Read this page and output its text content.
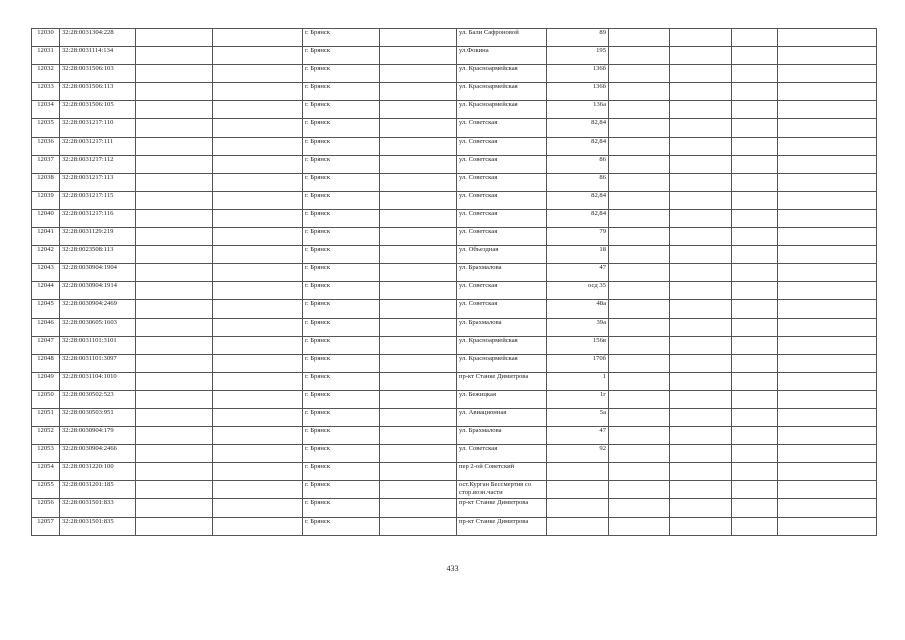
12030	32:28:0031304:228			г. Брянск		ул. Бали Сафроновой	89				
12031	32:28:0031114:134			г. Брянск		ул.Фокина	195				
12032	32:28:0031506:103			г. Брянск		ул. Красноармейская	136б				
12033	32:28:0031506:113			г. Брянск		ул. Красноармейская	136б				
12034	32:28:0031506:105			г. Брянск		ул. Красноармейская	136а				
12035	32:28:0031217:110			г. Брянск		ул. Советская	82,84				
12036	32:28:0031217:111			г. Брянск		ул. Советская	82,84				
12037	32:28:0031217:112			г. Брянск		ул. Советская	86				
12038	32:28:0031217:113			г. Брянск		ул. Советская	86				
12039	32:28:0031217:115			г. Брянск		ул. Советская	82,84				
12040	32:28:0031217:116			г. Брянск		ул. Советская	82,84				
12041	32:28:0031129:219			г. Брянск		ул. Советская	79				
12042	32:28:0023508:113			г. Брянск		ул. Объездная	18				
12043	32:28:0030904:1904			г. Брянск		ул. Брахмалова	47				
12044	32:28:0030904:1914			г. Брянск		ул. Советская	осд 35				
12045	32:28:0030904:2469			г. Брянск		ул. Советская	48а				
12046	32:28:0030605:1603			г. Брянск		ул. Брахмалова	39а				
12047	32:28:0031101:3101			г. Брянск		ул. Красноармейская	156в				
12048	32:28:0031101:3097			г. Брянск		ул. Красноармейская	170б				
12049	32:28:0031104:1010			г. Брянск		пр-кт Станке Димитрова	1				
12050	32:28:0030502:523			г. Брянск		ул. Бежицкая	1г				
12051	32:28:0030503:951			г. Брянск		ул. Авиационная	5а				
12052	32:28:0030904:179			г. Брянск		ул. Брахмалова	47				
12053	32:28:0030904:2466			г. Брянск		ул. Советская	92				
12054	32:28:0031220:100			г. Брянск		пер 2-ой Советский					
12055	32:28:0031201:185			г. Брянск		ост.Курган Бессмертия со стор.возн.части					
12056	32:28:0031501:833			г. Брянск		пр-кт Станке Димитрова					
12057	32:28:0031501:835			г. Брянск		пр-кт Станке Димитрова					
433
